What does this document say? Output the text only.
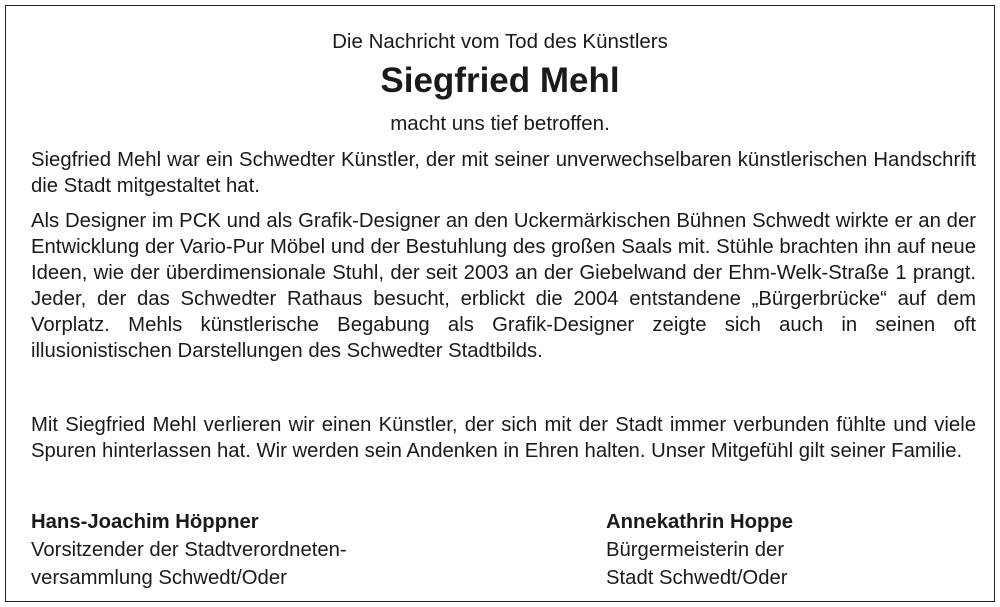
Die Nachricht vom Tod des Künstlers
Siegfried Mehl
macht uns tief betroffen.

Siegfried Mehl war ein Schwedter Künstler, der mit seiner unverwechselbaren künstlerischen Handschrift die Stadt mitgestaltet hat.

Als Designer im PCK und als Grafik-Designer an den Uckermärkischen Bühnen Schwedt wirkte er an der Entwicklung der Vario-Pur Möbel und der Bestuhlung des großen Saals mit. Stühle brachten ihn auf neue Ideen, wie der überdimensionale Stuhl, der seit 2003 an der Giebelwand der Ehm-Welk-Straße 1 prangt. Jeder, der das Schwedter Rathaus besucht, erblickt die 2004 entstandene „Bürgerbrücke“ auf dem Vorplatz. Mehls künstlerische Begabung als Grafik-Designer zeigte sich auch in seinen oft illusionistischen Darstellungen des Schwedter Stadtbilds.

Mit Siegfried Mehl verlieren wir einen Künstler, der sich mit der Stadt immer verbunden fühlte und viele Spuren hinterlassen hat. Wir werden sein Andenken in Ehren halten. Unser Mitgefühl gilt seiner Familie.

Hans-Joachim Höppner
Vorsitzender der Stadtverordneten-
versammlung Schwedt/Oder
Annekathrin Hoppe
Bürgermeisterin der
Stadt Schwedt/Oder
